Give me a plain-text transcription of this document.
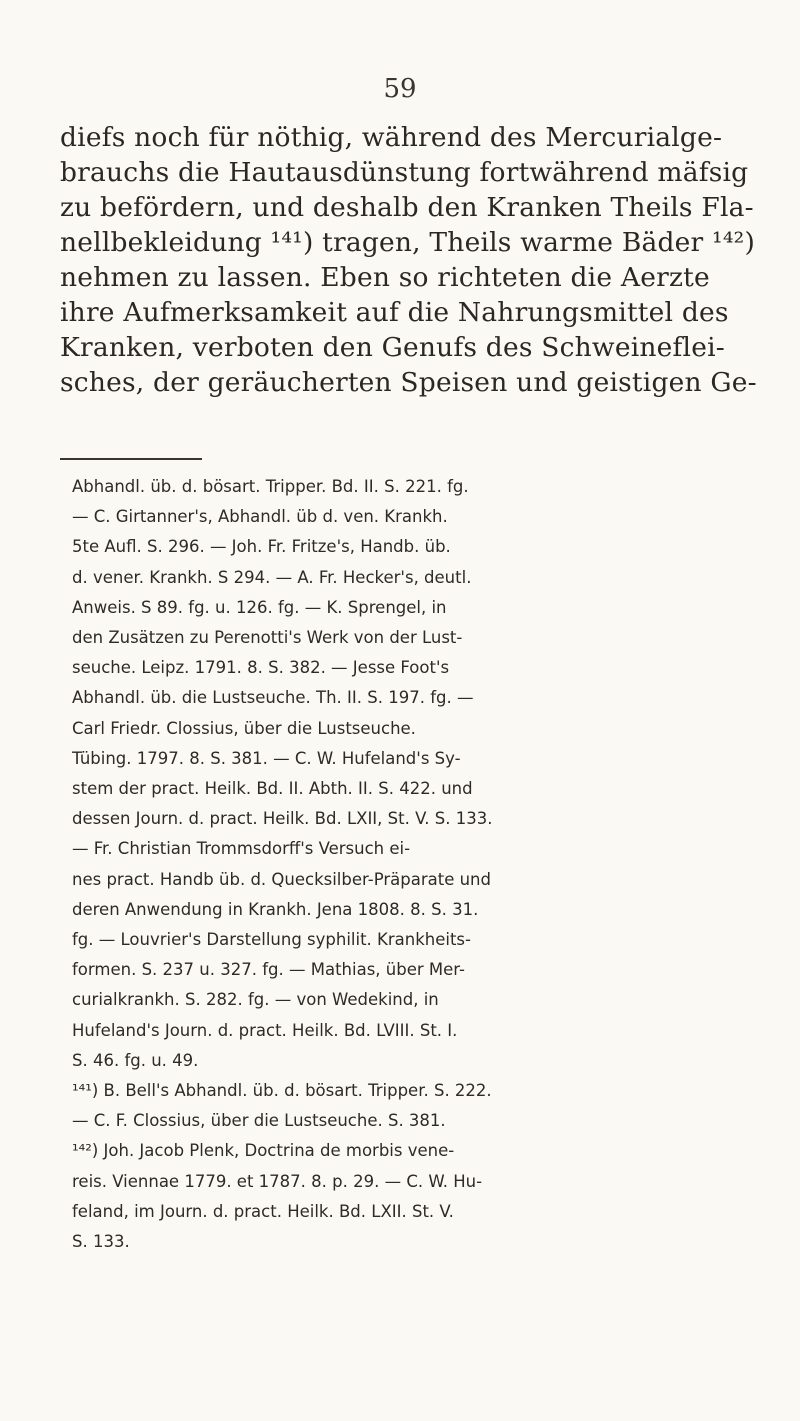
59
diefs noch für nöthig, während des Mercurialge-
brauchs die Hautausdünstung fortwährend mäfsig
zu befördern, und deshalb den Kranken Theils Fla-
nellbekleidung ¹⁴¹) tragen, Theils warme Bäder ¹⁴²)
nehmen zu lassen. Eben so richteten die Aerzte
ihre Aufmerksamkeit auf die Nahrungsmittel des
Kranken, verboten den Genufs des Schweinеflei-
sches, der geräucherten Speisen und geistigen Ge-
Abhandl. üb. d. bösart. Tripper. Bd. II. S. 221. fg.
— C. Girtanner's, Abhandl. üb d. ven. Krankh.
5te Aufl. S. 296. — Joh. Fr. Fritze's, Handb. üb.
d. vener. Krankh. S 294. — A. Fr. Hecker's, deutl.
Anweis. S 89. fg. u. 126. fg. — K. Sprengel, in
den Zusätzen zu Perenotti's Werk von der Lust-
seuche. Leipz. 1791. 8. S. 382. — Jesse Foot's
Abhandl. üb. die Lustseuche. Th. II. S. 197. fg. —
Carl Friedr. Clossius, über die Lustseuche.
Tübing. 1797. 8. S. 381. — C. W. Hufeland's Sy-
stem der pract. Heilk. Bd. II. Abth. II. S. 422. und
dessen Journ. d. pract. Heilk. Bd. LXII, St. V. S. 133.
— Fr. Christian Trommsdorff's Versuch ei-
nes pract. Handb üb. d. Quecksilber-Präparate und
deren Anwendung in Krankh. Jena 1808. 8. S. 31.
fg. — Louvrier's Darstellung syphilit. Krankheits-
formen. S. 237 u. 327. fg. — Mathias, über Mer-
curialkrankh. S. 282. fg. — von Wedekind, in
Hufeland's Journ. d. pract. Heilk. Bd. LVIII. St. I.
S. 46. fg. u. 49.
¹⁴¹) B. Bell's Abhandl. üb. d. bösart. Tripper. S. 222.
— C. F. Clossius, über die Lustseuche. S. 381.
¹⁴²) Joh. Jacob Plenk, Doctrina de morbis vene-
reis. Viennae 1779. et 1787. 8. p. 29. — C. W. Hu-
feland, im Journ. d. pract. Heilk. Bd. LXII. St. V.
S. 133.
